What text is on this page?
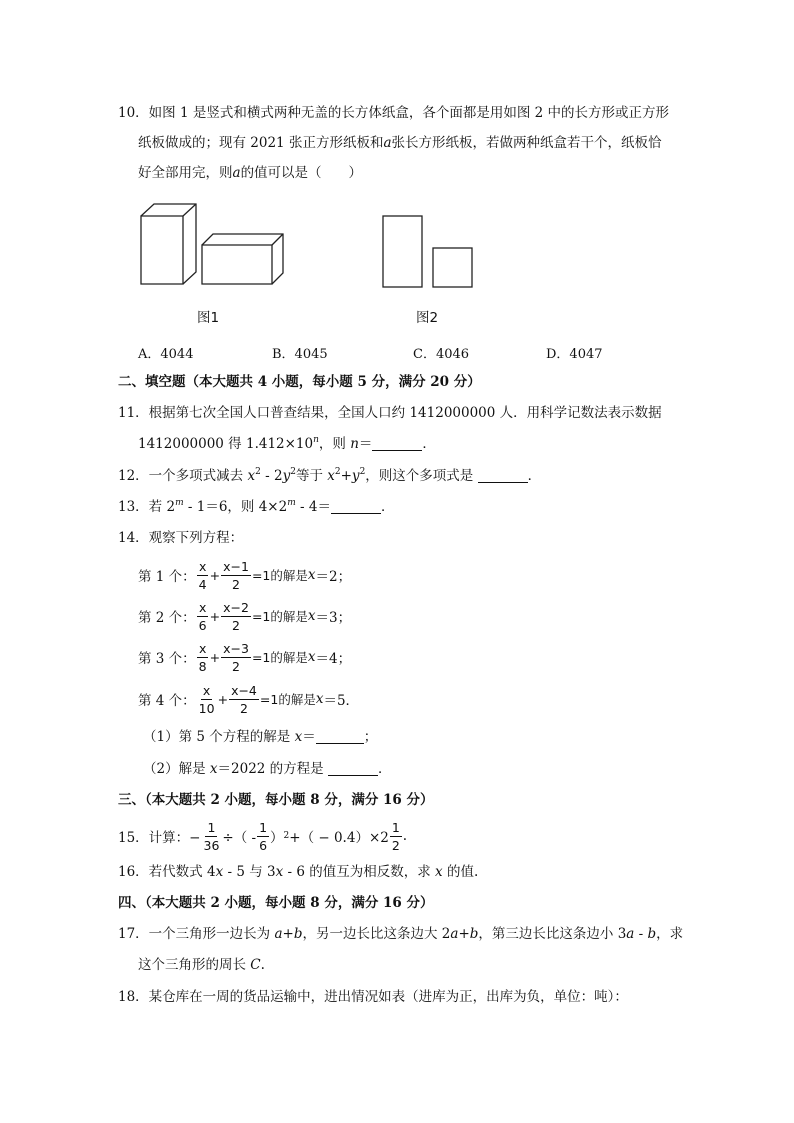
10．如图 1 是竖式和横式两种无盖的长方体纸盒，各个面都是用如图 2 中的长方形或正方形
纸板做成的；现有 2021 张正方形纸板和a张长方形纸板，若做两种纸盒若干个，纸板恰
好全部用完，则a的值可以是（　　）
图1	图2
A．4044	B．4045	C．4046	D．4047
二、填空题（本大题共 4 小题，每小题 5 分，满分 20 分）
11．根据第七次全国人口普查结果，全国人口约 1412000000 人．用科学记数法表示数据
1412000000 得 $1.412\times 10^n$，则 n＝	．
12．一个多项式减去 $x^2 - 2y^2$等于 $x^2+y^2$，则这个多项式是	．
13．若 2$^m$ - 1＝6，则 $4\times 2^m - 4=$	．
14．观察下列方程：
第 1 个： $\frac{x}{4} + \frac{x-1}{2} =1$的解是 x ＝2；
第 2 个： $\frac{x}{6} + \frac{x-2}{2} =1$的解是 x ＝3；
第 3 个： $\frac{x}{8} + \frac{x-3}{2} =1$的解是 x ＝4；
第 4 个： $\frac{x}{10} + \frac{x-4}{2} =1$的解是 x ＝5．
（1）第 5 个方程的解是 x＝	；
（2）解是 x＝2022 的方程是	．
三、（本大题共 2 小题，每小题 8 分，满分 16 分）
15．计算：− $\frac{1}{36}$ ÷（ - $\frac{1}{6}$ ） 2 +（ − $0.4)\times 2 \frac{1}{2}$ .
16．若代数式 4x - 5 与 3x - 6 的值互为相反数，求 x 的值.
四、（本大题共 2 小题，每小题 8 分，满分 16 分）
17．一个三角形一边长为 a+b，另一边长比这条边大 2a+b，第三边长比这条边小 3a - b，求
这个三角形的周长 C.
18．某仓库在一周的货品运输中，进出情况如表（进库为正，出库为负，单位：吨）：
